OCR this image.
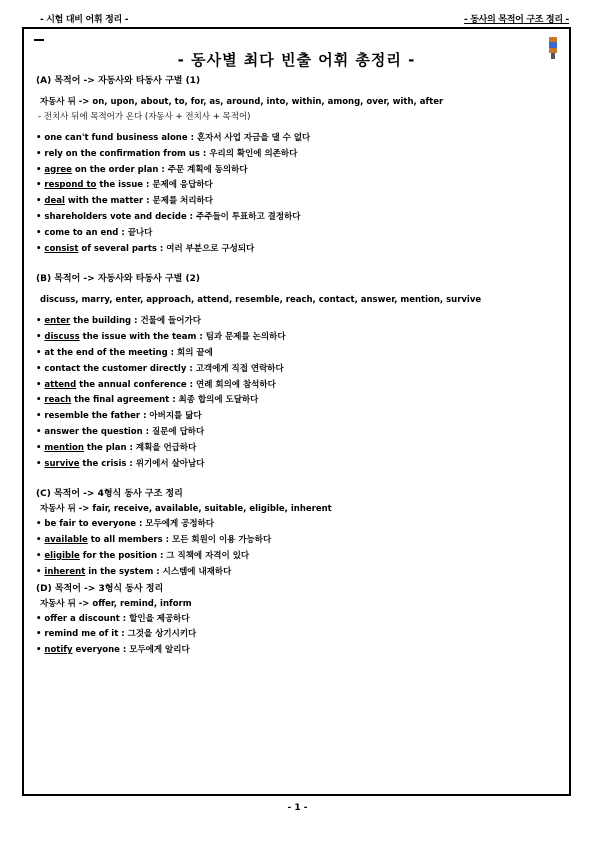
- 시험 대비 어휘 정리 -	- 동사의 목적어 구조 정리 -
- 동사별 최다 빈출 어휘 총정리 -
(A) 목적어 -> 자동사와 타동사 구별 (1)
자동사 뒤 -> on, upon, about, to, for, as, around, into, within, among, over, with, after
- 전치사 뒤에 목적어가 온다 (자동사 + 전치사 + 목적어)
• one can't fund business alone : 혼자서 사업 자금을 댈 수 없다
• rely on the confirmation from us : 우리의 확인에 의존하다
• agree on the order plan : 주문 계획에 동의하다
• respond to the issue : 문제에 응답하다
• deal with the matter : 문제를 처리하다
• shareholders vote and decide : 주주들이 투표하고 결정하다
• come to an end : 끝나다
• consist of several parts : 여러 부분으로 구성되다
(B) 목적어 -> 자동사와 타동사 구별 (2)
discuss, marry, enter, approach, attend, resemble, reach, contact, answer, mention, survive
• enter the building : 건물에 들어가다
• discuss the issue with the team : 팀과 문제를 논의하다
• at the end of the meeting : 회의 끝에
• contact the customer directly : 고객에게 직접 연락하다
• attend the annual conference : 연례 회의에 참석하다
• reach the final agreement : 최종 합의에 도달하다
• resemble the father : 아버지를 닮다
• answer the question : 질문에 답하다
• mention the plan : 계획을 언급하다
• survive the crisis : 위기에서 살아남다
(C) 목적어 -> 4형식 동사 구조 정리
자동사 뒤 -> fair, receive, available, suitable, eligible, inherent
• be fair to everyone : 모두에게 공정하다
• available to all members : 모든 회원이 이용 가능하다
• eligible for the position : 그 직책에 자격이 있다
• inherent in the system : 시스템에 내재하다
(D) 목적어 -> 3형식 동사 정리
자동사 뒤 -> offer, remind, inform
• offer a discount : 할인을 제공하다
• remind me of it : 그것을 상기시키다
• notify everyone : 모두에게 알리다
- 1 -
